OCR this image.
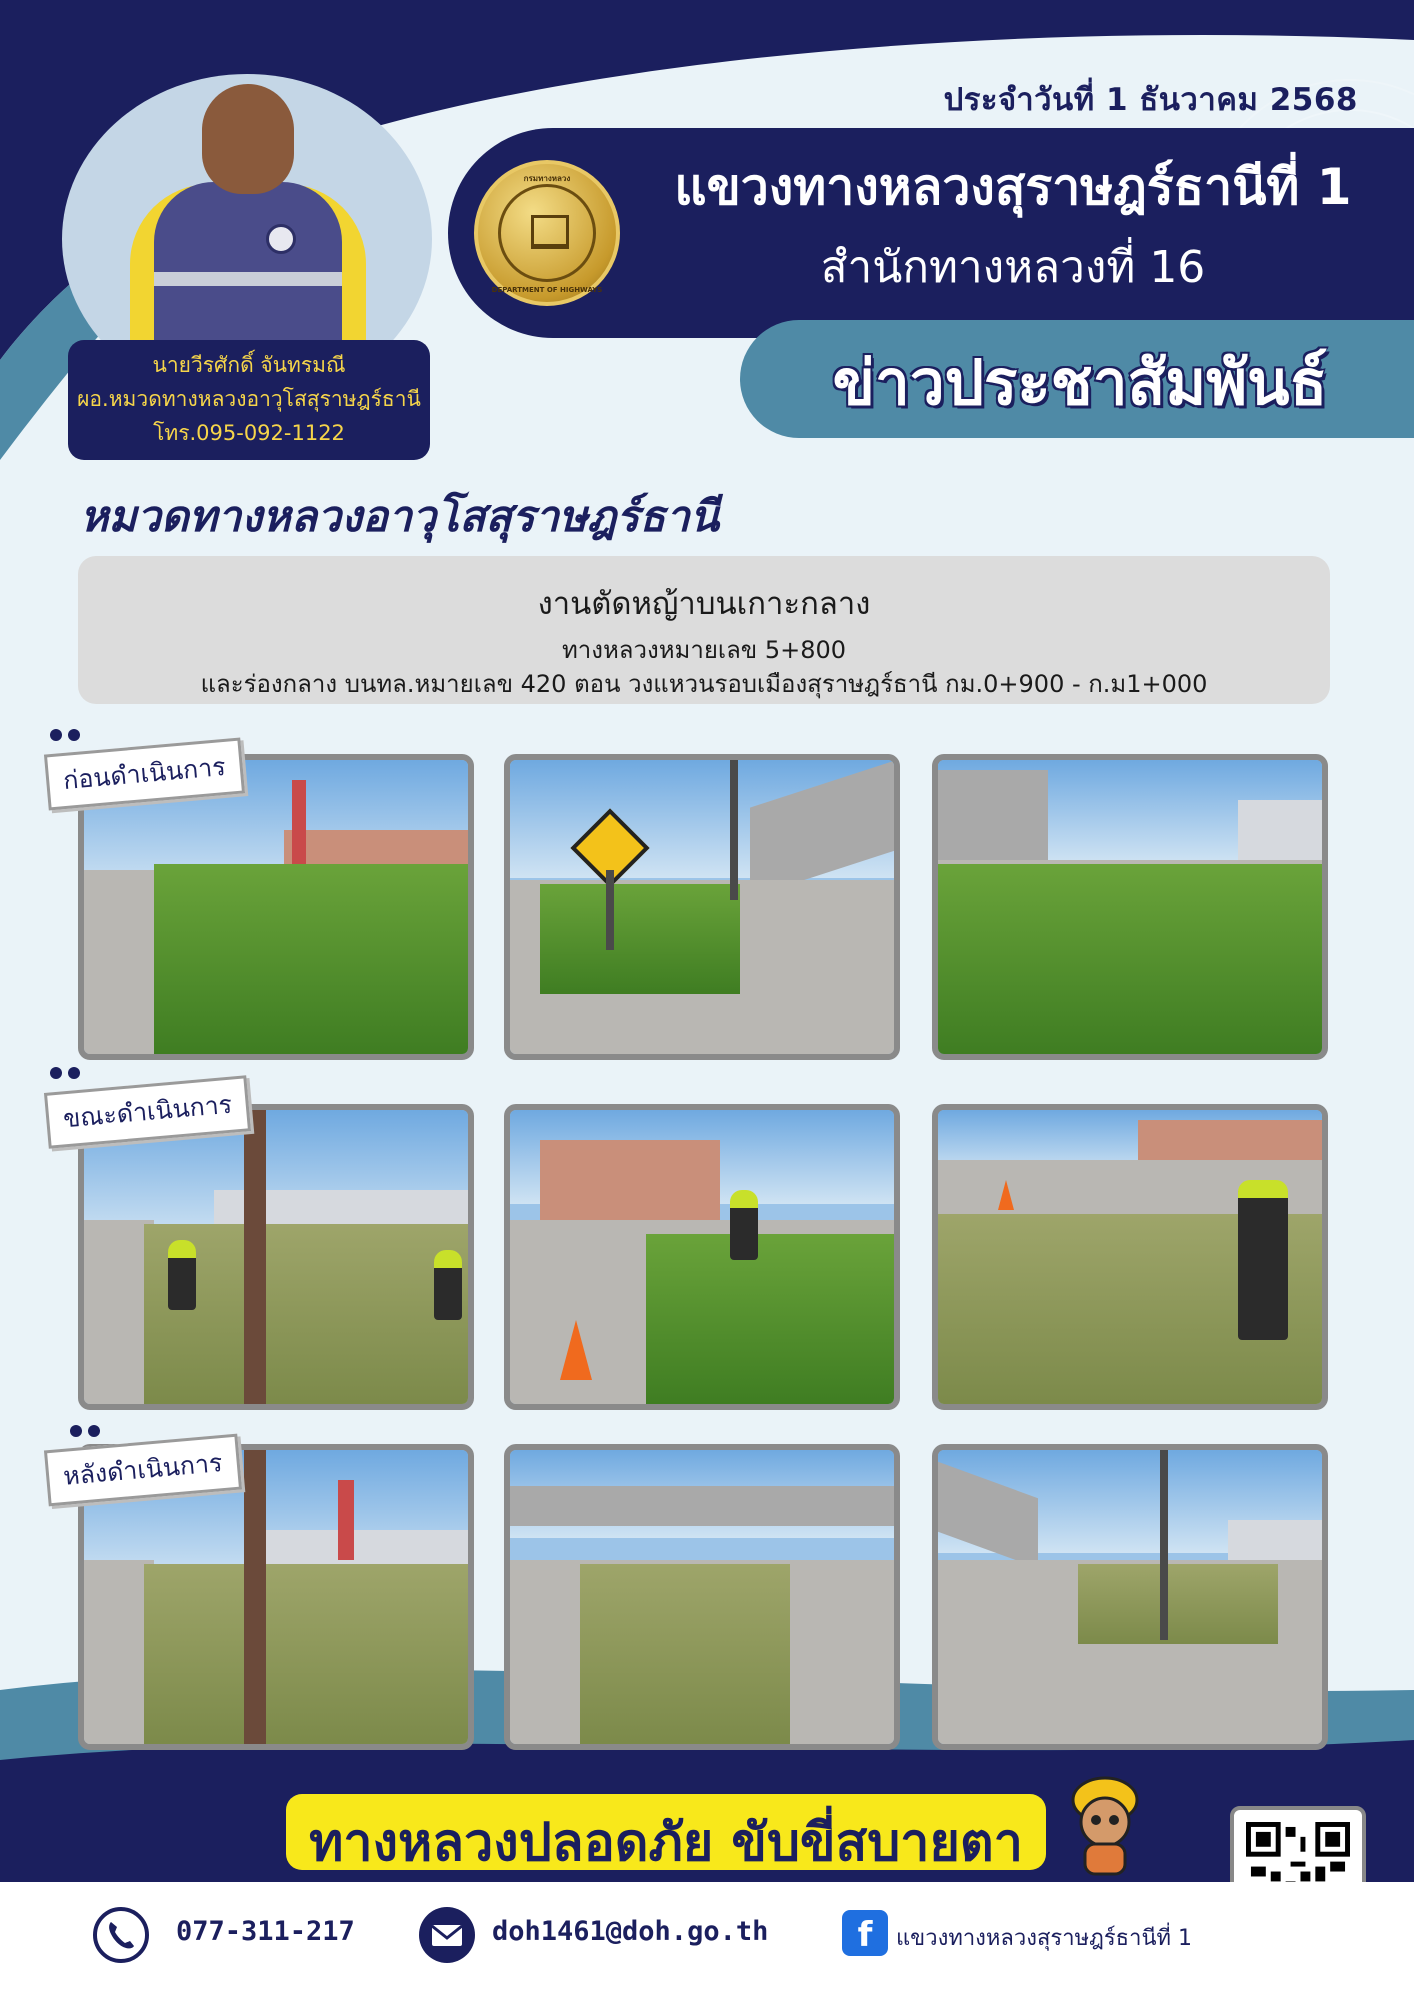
ประจำวันที่ 1 ธันวาคม 2568
กรมทางหลวง
DEPARTMENT OF HIGHWAYS
แขวงทางหลวงสุราษฎร์ธานีที่ 1
สำนักทางหลวงที่ 16
ข่าวประชาสัมพันธ์
นายวีรศักดิ์ จันทรมณี
ผอ.หมวดทางหลวงอาวุโสสุราษฎร์ธานี
โทร.095-092-1122
หมวดทางหลวงอาวุโสสุราษฎร์ธานี
งานตัดหญ้าบนเกาะกลาง
ทางหลวงหมายเลข 5+800
และร่องกลาง บนทล.หมายเลข 420 ตอน วงแหวนรอบเมืองสุราษฎร์ธานี กม.0+900 - ก.ม1+000
ก่อนดำเนินการ
ขณะดำเนินการ
หลังดำเนินการ
ทางหลวงปลอดภัย ขับขี่สบายตา
077-311-217	doh1461@doh.go.th	f	แขวงทางหลวงสุราษฎร์ธานีที่ 1
